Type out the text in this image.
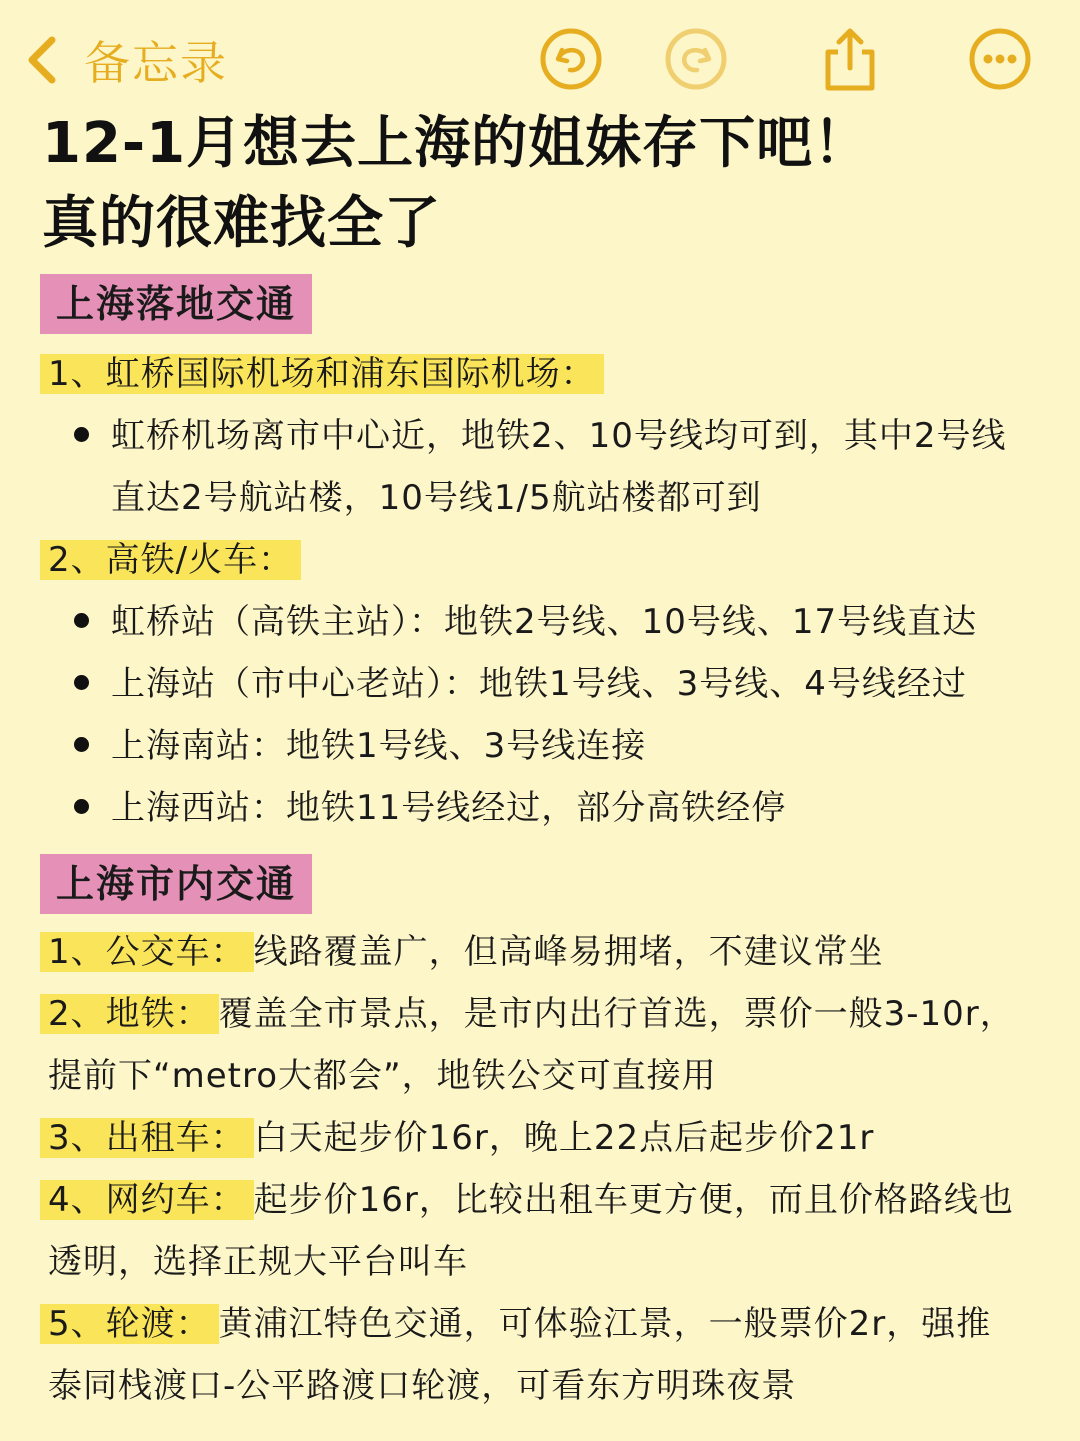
备忘录
12-1月想去上海的姐妹存下吧！
真的很难找全了
上海落地交通
1、虹桥国际机场和浦东国际机场：
虹桥机场离市中心近，地铁2、10号线均可到，其中2号线
直达2号航站楼，10号线1/5航站楼都可到
2、高铁/火车：
虹桥站（高铁主站）：地铁2号线、10号线、17号线直达
上海站（市中心老站）：地铁1号线、3号线、4号线经过
上海南站：地铁1号线、3号线连接
上海西站：地铁11号线经过，部分高铁经停
上海市内交通
1、公交车： 线路覆盖广，但高峰易拥堵，不建议常坐
2、地铁： 覆盖全市景点，是市内出行首选，票价一般3-10r，
提前下“metro大都会”，地铁公交可直接用
3、出租车： 白天起步价16r，晚上22点后起步价21r
4、网约车： 起步价16r，比较出租车更方便，而且价格路线也
透明，选择正规大平台叫车
5、轮渡： 黄浦江特色交通，可体验江景，一般票价2r，强推
泰同栈渡口-公平路渡口轮渡，可看东方明珠夜景
